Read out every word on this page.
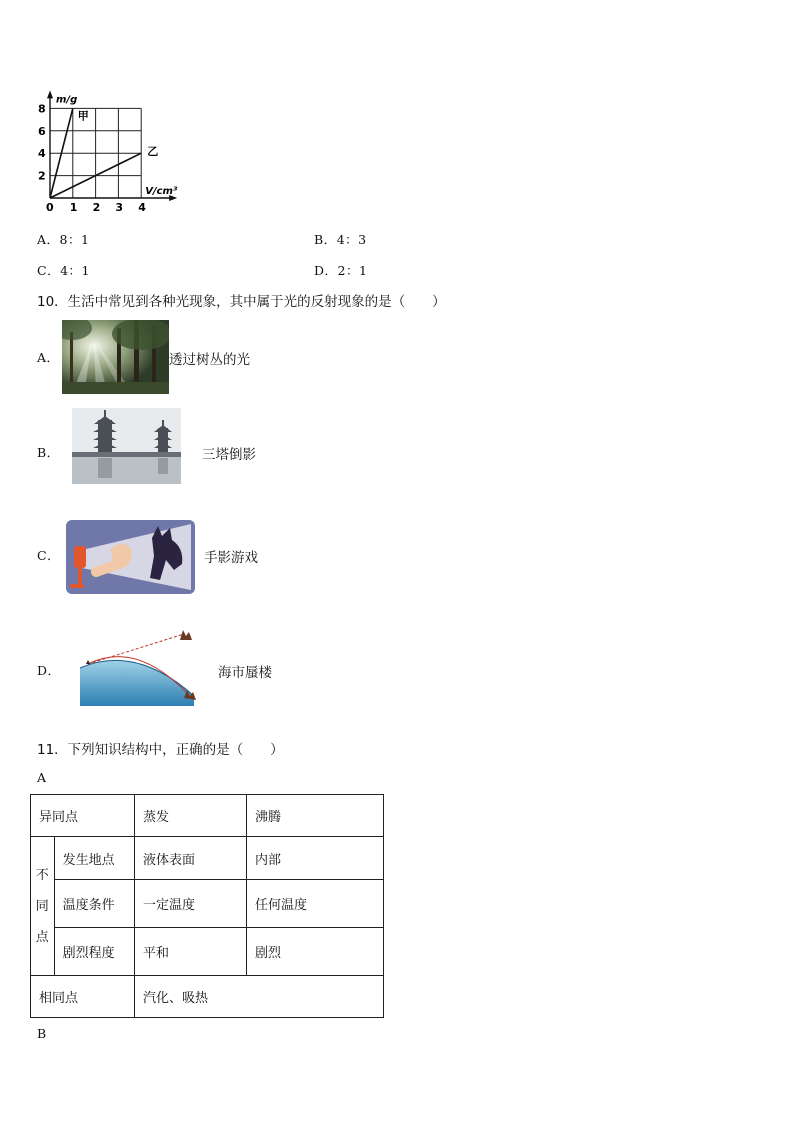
甲
乙
0 1 2 3 4
2
4
6
8
m/g
V/cm³
A．8：1	B．4：3
C．4：1	D．2：1
10．生活中常见到各种光现象，其中属于光的反射现象的是（　　）
A．	透过树丛的光
B．	三塔倒影
C．	手影游戏
D．	海市蜃楼
11．下列知识结构中，正确的是（　　）
A
异同点		蒸发	沸腾

不
同
点	发生地点	液体表面	内部
	温度条件	一定温度	任何温度
	剧烈程度	平和	剧烈
相同点		汽化、吸热	
B
